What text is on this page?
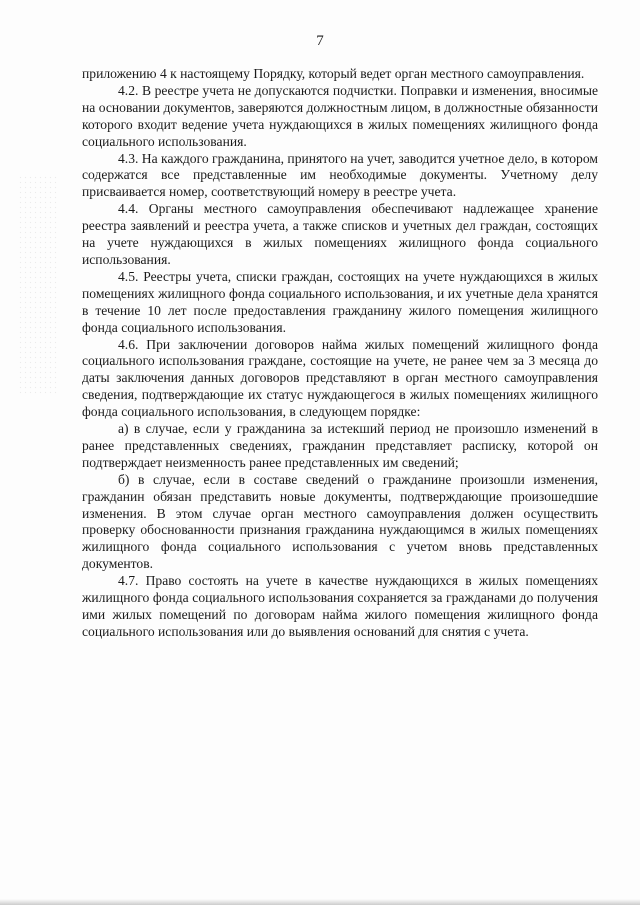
7

приложению 4 к настоящему Порядку, который ведет орган местного самоуправления.

4.2. В реестре учета не допускаются подчистки. Поправки и изменения, вносимые на основании документов, заверяются должностным лицом, в должностные обязанности которого входит ведение учета нуждающихся в жилых помещениях жилищного фонда социального использования.

4.3. На каждого гражданина, принятого на учет, заводится учетное дело, в котором содержатся все представленные им необходимые документы. Учетному делу присваивается номер, соответствующий номеру в реестре учета.

4.4. Органы местного самоуправления обеспечивают надлежащее хранение реестра заявлений и реестра учета, а также списков и учетных дел граждан, состоящих на учете нуждающихся в жилых помещениях жилищного фонда социального использования.

4.5. Реестры учета, списки граждан, состоящих на учете нуждающихся в жилых помещениях жилищного фонда социального использования, и их учетные дела хранятся в течение 10 лет после предоставления гражданину жилого помещения жилищного фонда социального использования.

4.6. При заключении договоров найма жилых помещений жилищного фонда социального использования граждане, состоящие на учете, не ранее чем за 3 месяца до даты заключения данных договоров представляют в орган местного самоуправления сведения, подтверждающие их статус нуждающегося в жилых помещениях жилищного фонда социального использования, в следующем порядке:

а) в случае, если у гражданина за истекший период не произошло изменений в ранее представленных сведениях, гражданин представляет расписку, которой он подтверждает неизменность ранее представленных им сведений;

б) в случае, если в составе сведений о гражданине произошли изменения, гражданин обязан представить новые документы, подтверждающие произошедшие изменения. В этом случае орган местного самоуправления должен осуществить проверку обоснованности признания гражданина нуждающимся в жилых помещениях жилищного фонда социального использования с учетом вновь представленных документов.

4.7. Право состоять на учете в качестве нуждающихся в жилых помещениях жилищного фонда социального использования сохраняется за гражданами до получения ими жилых помещений по договорам найма жилого помещения жилищного фонда социального использования или до выявления оснований для снятия с учета.
